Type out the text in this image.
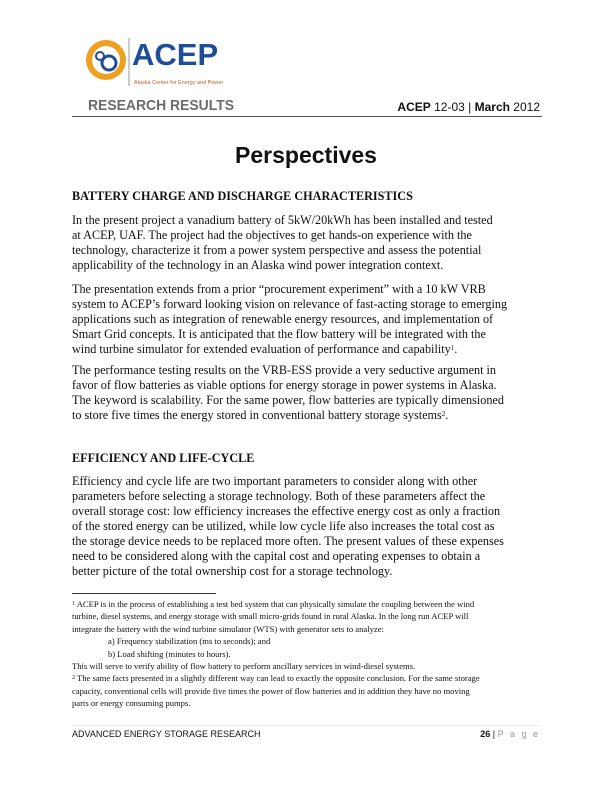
ACEP
Alaska Center for Energy and Power
RESEARCH RESULTS	ACEP 12-03 | March 2012
Perspectives
BATTERY CHARGE AND DISCHARGE CHARACTERISTICS
In the present project a vanadium battery of 5kW/20kWh has been installed and tested
at ACEP, UAF. The project had the objectives to get hands-on experience with the
technology, characterize it from a power system perspective and assess the potential
applicability of the technology in an Alaska wind power integration context.
The presentation extends from a prior “procurement experiment” with a 10 kW VRB
system to ACEP’s forward looking vision on relevance of fast-acting storage to emerging
applications such as integration of renewable energy resources, and implementation of
Smart Grid concepts. It is anticipated that the flow battery will be integrated with the
wind turbine simulator for extended evaluation of performance and capability$^1$.
The performance testing results on the VRB-ESS provide a very seductive argument in
favor of flow batteries as viable options for energy storage in power systems in Alaska.
The keyword is scalability. For the same power, flow batteries are typically dimensioned
to store five times the energy stored in conventional battery storage systems$^2$.
EFFICIENCY AND LIFE-CYCLE
Efficiency and cycle life are two important parameters to consider along with other
parameters before selecting a storage technology. Both of these parameters affect the
overall storage cost: low efficiency increases the effective energy cost as only a fraction
of the stored energy can be utilized, while low cycle life also increases the total cost as
the storage device needs to be replaced more often. The present values of these expenses
need to be considered along with the capital cost and operating expenses to obtain a
better picture of the total ownership cost for a storage technology.
$^1$ ACEP is in the process of establishing a test bed system that can physically simulate the coupling between the wind
turbine, diesel systems, and energy storage with small micro-grids found in rural Alaska. In the long run ACEP will
integrate the battery with the wind turbine simulator (WTS) with generator sets to analyze:
a) Frequency stabilization (ms to seconds); and
b) Load shifting (minutes to hours).
This will serve to verify ability of flow battery to perform ancillary services in wind-diesel systems.
$^2$ The same facts presented in a slightly different way can lead to exactly the opposite conclusion. For the same storage
capacity, conventional cells will provide five times the power of flow batteries and in addition they have no moving
parts or energy consuming pumps.
ADVANCED ENERGY STORAGE RESEARCH	26 | P a g e
